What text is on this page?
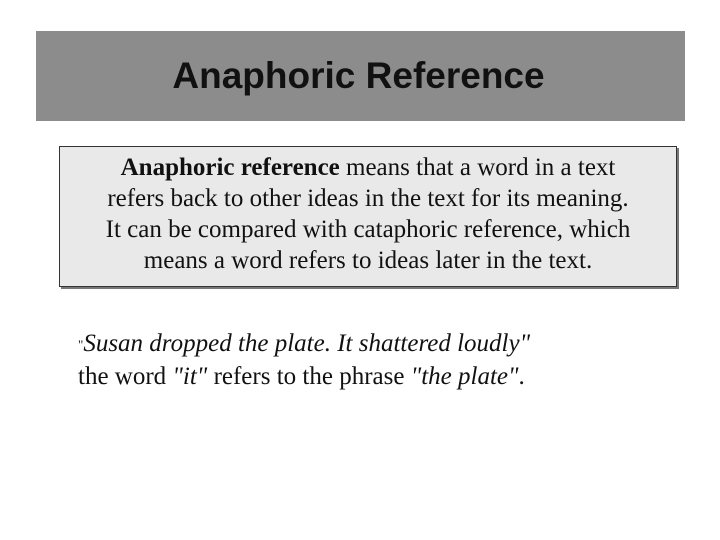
Anaphoric Reference
Anaphoric reference means that a word in a text
refers back to other ideas in the text for its meaning.
It can be compared with cataphoric reference, which
means a word refers to ideas later in the text.
"Susan dropped the plate. It shattered loudly"
the word "it" refers to the phrase "the plate".
